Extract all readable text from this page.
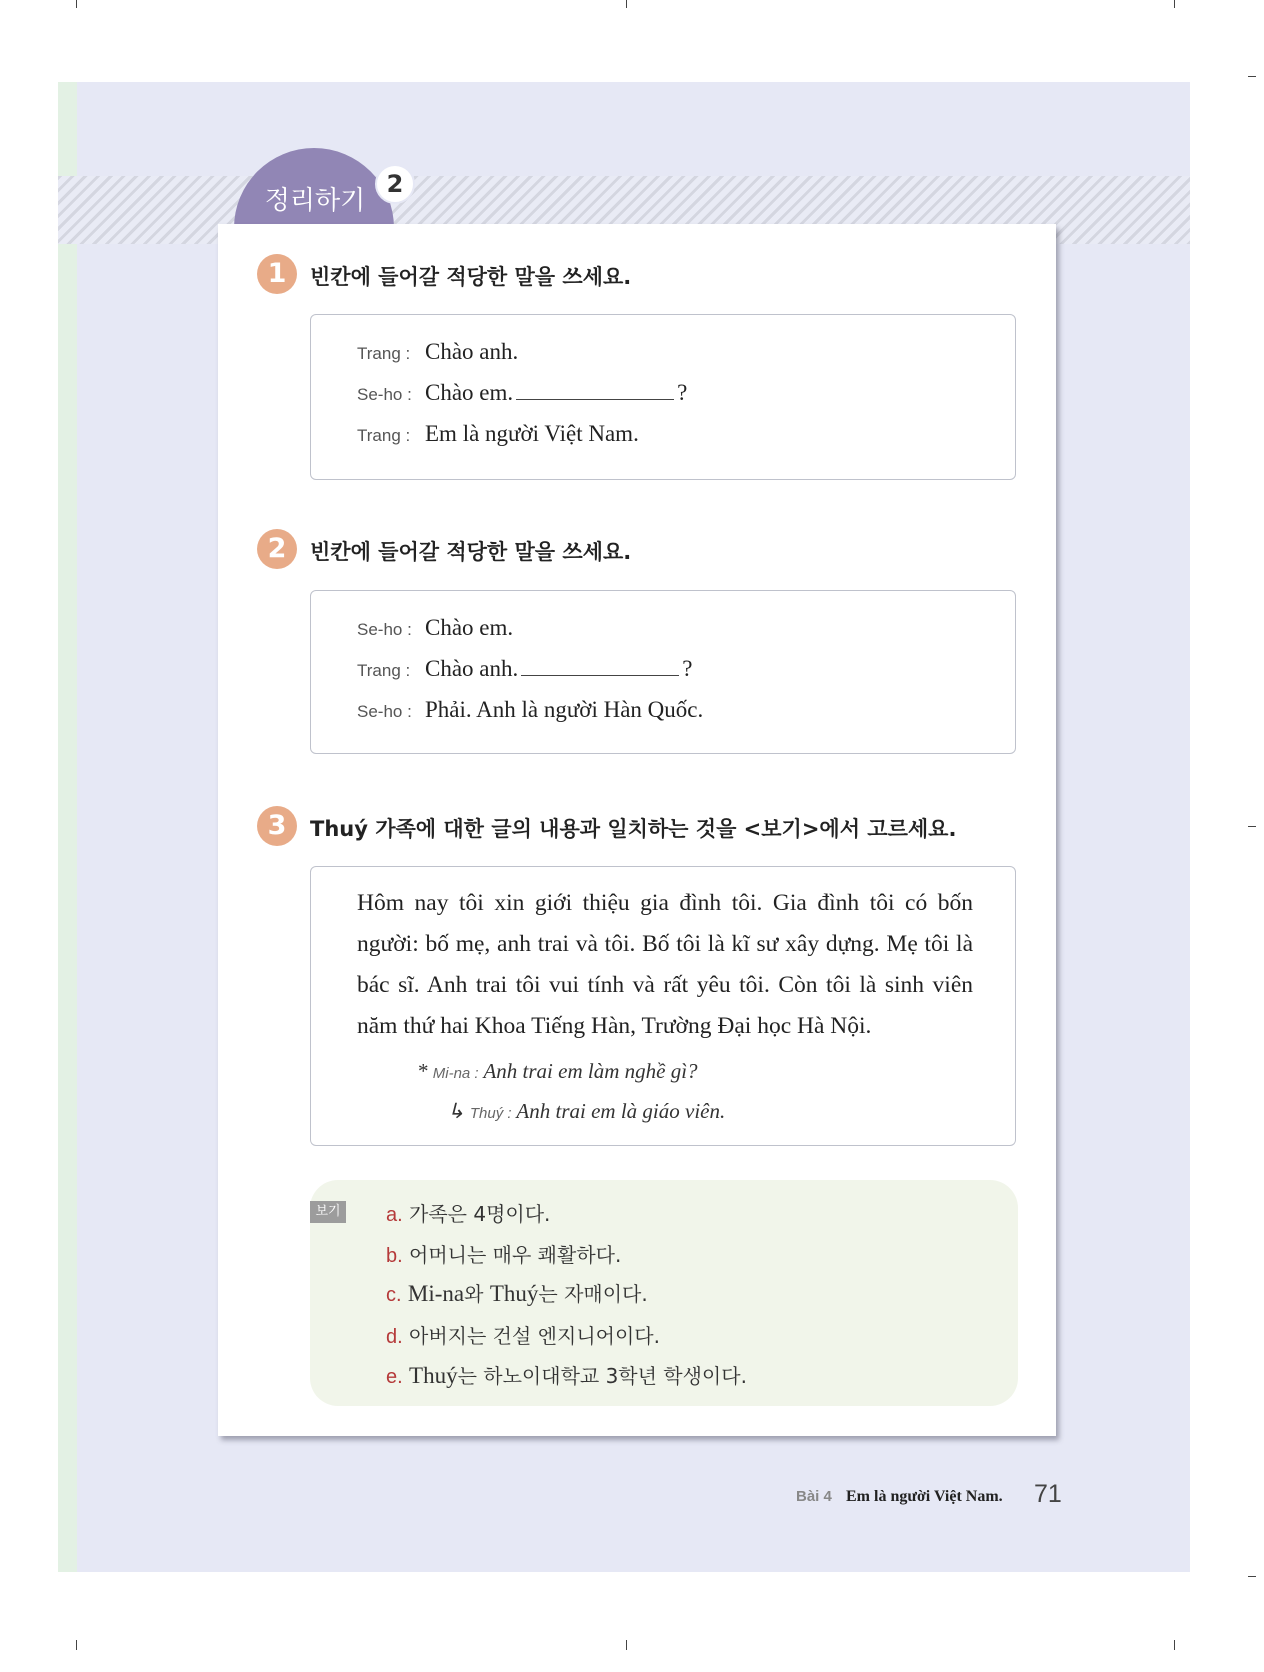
정리하기
2
1	빈칸에 들어갈 적당한 말을 쓰세요.
Trang : Chào anh.
Se-ho : Chào em.	?
Trang : Em là người Việt Nam.
2	빈칸에 들어갈 적당한 말을 쓰세요.
Se-ho : Chào em.
Trang : Chào anh.	?
Se-ho : Phải. Anh là người Hàn Quốc.
3	Thuý 가족에 대한 글의 내용과 일치하는 것을 <보기>에서 고르세요.
Hôm nay tôi xin giới thiệu gia đình tôi. Gia đình tôi có bốn người: bố mẹ, anh trai và tôi. Bố tôi là kĩ sư xây dựng. Mẹ tôi là bác sĩ. Anh trai tôi vui tính và rất yêu tôi. Còn tôi là sinh viên năm thứ hai Khoa Tiếng Hàn, Trường Đại học Hà Nội.
* Mi-na : Anh trai em làm nghề gì?
↳ Thuý : Anh trai em là giáo viên.
보기 a. 가족은 4명이다.
b. 어머니는 매우 쾌활하다.
c. Mi-na와 Thuý는 자매이다.
d. 아버지는 건설 엔지니어이다.
e. Thuý는 하노이대학교 3학년 학생이다.
Bài 4 Em là người Việt Nam. 71
